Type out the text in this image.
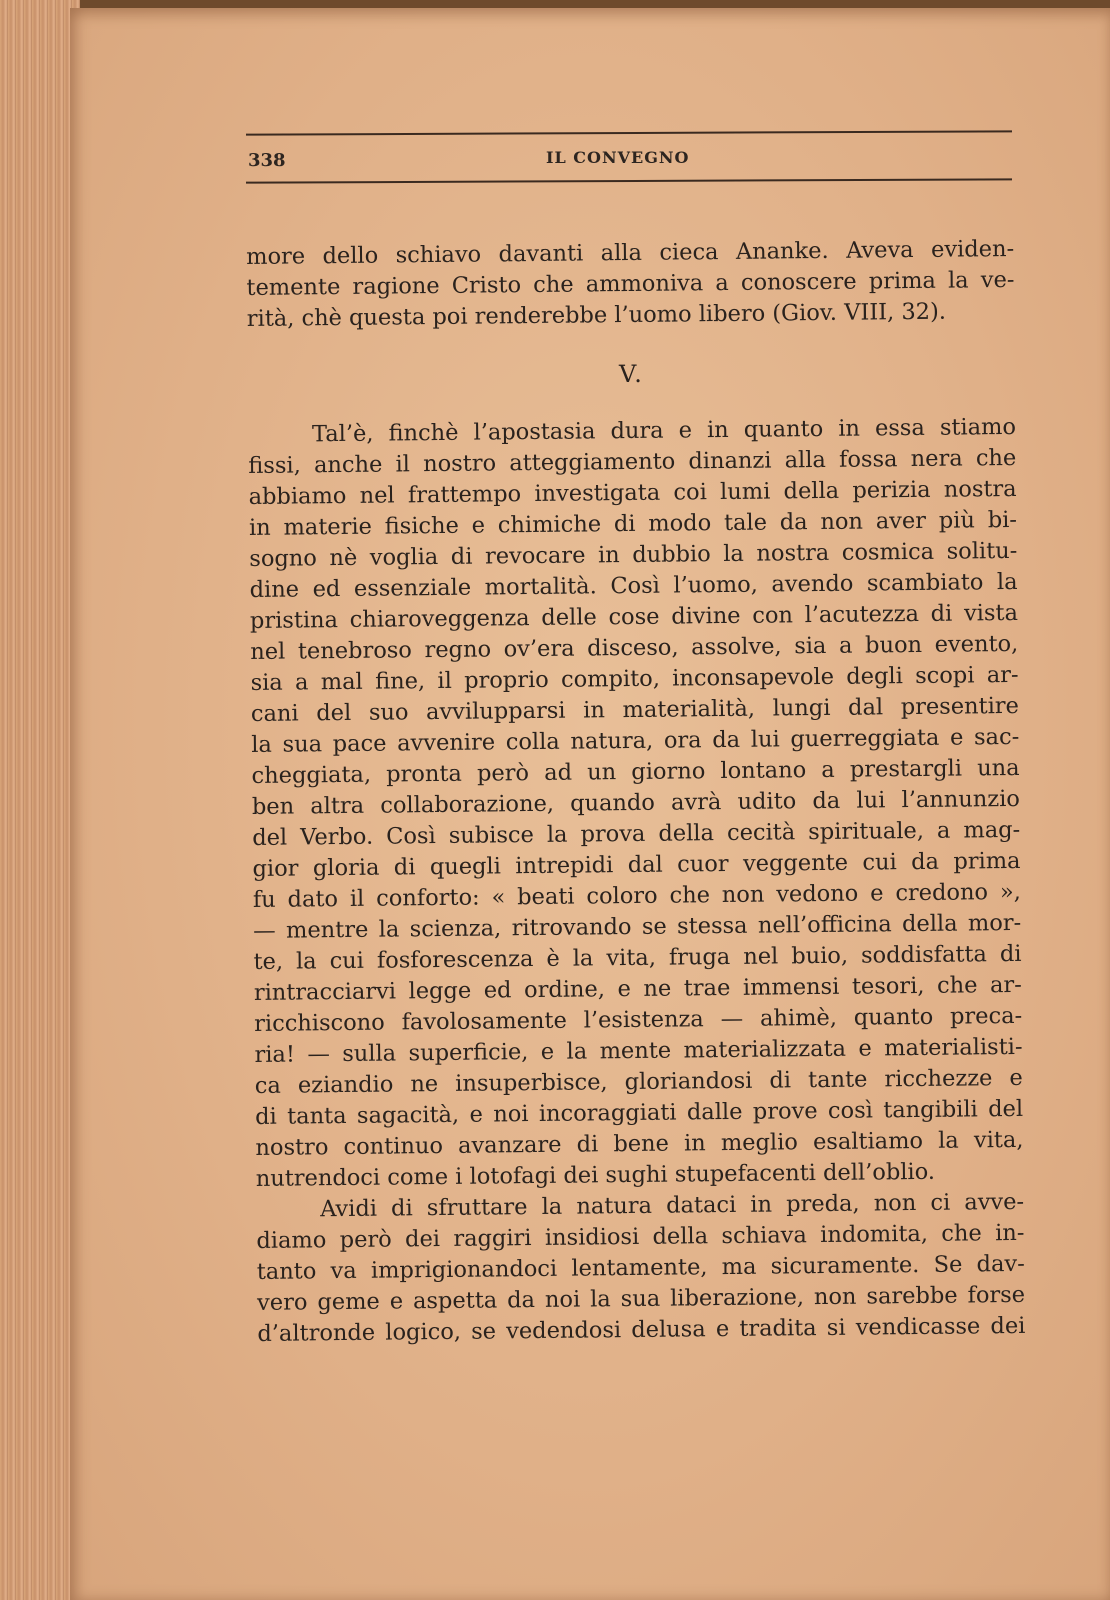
338	IL CONVEGNO
more dello schiavo davanti alla cieca Ananke. Aveva eviden-
temente ragione Cristo che ammoniva a conoscere prima la ve-
rità, chè questa poi renderebbe l’uomo libero (Giov. VIII, 32).
V.
Tal’è, finchè l’apostasia dura e in quanto in essa stiamo
fissi, anche il nostro atteggiamento dinanzi alla fossa nera che
abbiamo nel frattempo investigata coi lumi della perizia nostra
in materie fisiche e chimiche di modo tale da non aver più bi-
sogno nè voglia di revocare in dubbio la nostra cosmica solitu-
dine ed essenziale mortalità. Così l’uomo, avendo scambiato la
pristina chiaroveggenza delle cose divine con l’acutezza di vista
nel tenebroso regno ov’era disceso, assolve, sia a buon evento,
sia a mal fine, il proprio compito, inconsapevole degli scopi ar-
cani del suo avvilupparsi in materialità, lungi dal presentire
la sua pace avvenire colla natura, ora da lui guerreggiata e sac-
cheggiata, pronta però ad un giorno lontano a prestargli una
ben altra collaborazione, quando avrà udito da lui l’annunzio
del Verbo. Così subisce la prova della cecità spirituale, a mag-
gior gloria di quegli intrepidi dal cuor veggente cui da prima
fu dato il conforto: « beati coloro che non vedono e credono »,
— mentre la scienza, ritrovando se stessa nell’officina della mor-
te, la cui fosforescenza è la vita, fruga nel buio, soddisfatta di
rintracciarvi legge ed ordine, e ne trae immensi tesori, che ar-
ricchiscono favolosamente l’esistenza — ahimè, quanto preca-
ria! — sulla superficie, e la mente materializzata e materialisti-
ca eziandio ne insuperbisce, gloriandosi di tante ricchezze e
di tanta sagacità, e noi incoraggiati dalle prove così tangibili del
nostro continuo avanzare di bene in meglio esaltiamo la vita,
nutrendoci come i lotofagi dei sughi stupefacenti dell’oblio.
Avidi di sfruttare la natura dataci in preda, non ci avve-
diamo però dei raggiri insidiosi della schiava indomita, che in-
tanto va imprigionandoci lentamente, ma sicuramente. Se dav-
vero geme e aspetta da noi la sua liberazione, non sarebbe forse
d’altronde logico, se vedendosi delusa e tradita si vendicasse dei
